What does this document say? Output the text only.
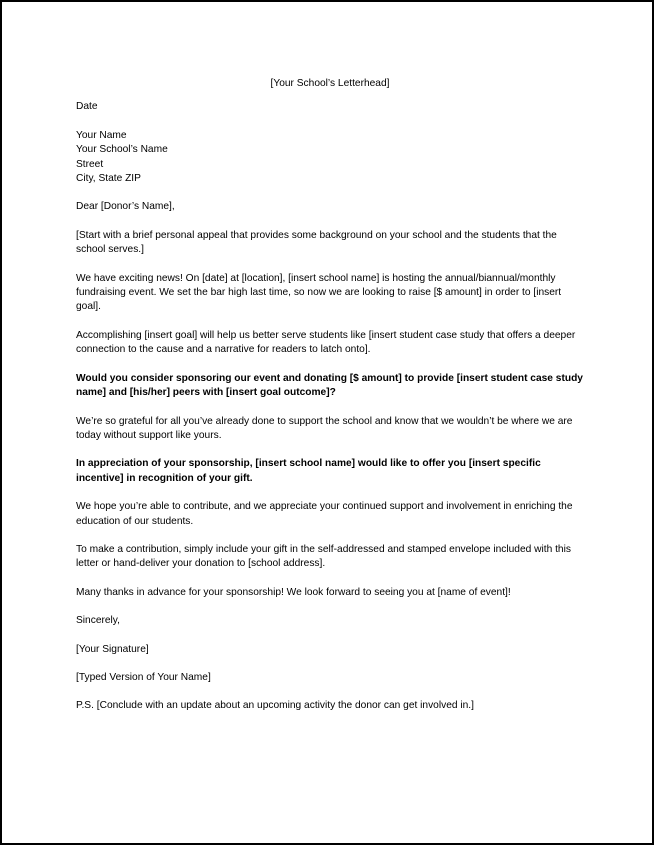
[Your School’s Letterhead]
Date
Your Name
Your School’s Name
Street
City, State ZIP
Dear [Donor’s Name],

[Start with a brief personal appeal that provides some background on your school and the students that the school serves.]

We have exciting news! On [date] at [location], [insert school name] is hosting the annual/biannual/monthly fundraising event. We set the bar high last time, so now we are looking to raise [$ amount] in order to [insert goal].

Accomplishing [insert goal] will help us better serve students like [insert student case study that offers a deeper connection to the cause and a narrative for readers to latch onto].

Would you consider sponsoring our event and donating [$ amount] to provide [insert student case study name] and [his/her] peers with [insert goal outcome]?

We’re so grateful for all you’ve already done to support the school and know that we wouldn’t be where we are today without support like yours.

In appreciation of your sponsorship, [insert school name] would like to offer you [insert specific incentive] in recognition of your gift.

We hope you’re able to contribute, and we appreciate your continued support and involvement in enriching the education of our students.

To make a contribution, simply include your gift in the self-addressed and stamped envelope included with this letter or hand-deliver your donation to [school address].

Many thanks in advance for your sponsorship! We look forward to seeing you at [name of event]!

Sincerely,

[Your Signature]

[Typed Version of Your Name]

P.S. [Conclude with an update about an upcoming activity the donor can get involved in.]
